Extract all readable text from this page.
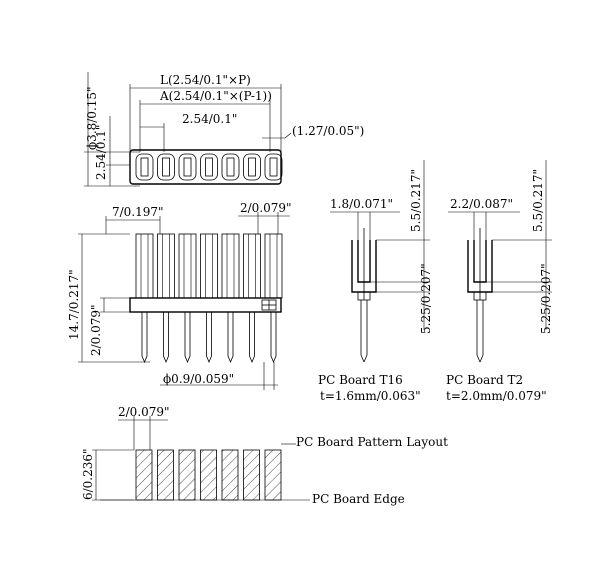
ϕ3.8/0.15"
2.54/0.1"
L(2.54/0.1"×P)
A(2.54/0.1"×(P-1))
2.54/0.1"
(1.27/0.05")
7/0.197"	2/0.079"
14.7/0.217" 2/0.079"
ϕ0.9/0.059"
1.8/0.071" 5.5/0.217"
5.25/0.207"
PC Board T16
t=1.6mm/0.063"
2.2/0.087" 5.5/0.217"
5.25/0.207"
PC Board T2
t=2.0mm/0.079"
2/0.079"
6/0.236"
PC Board Pattern Layout
PC Board Edge
